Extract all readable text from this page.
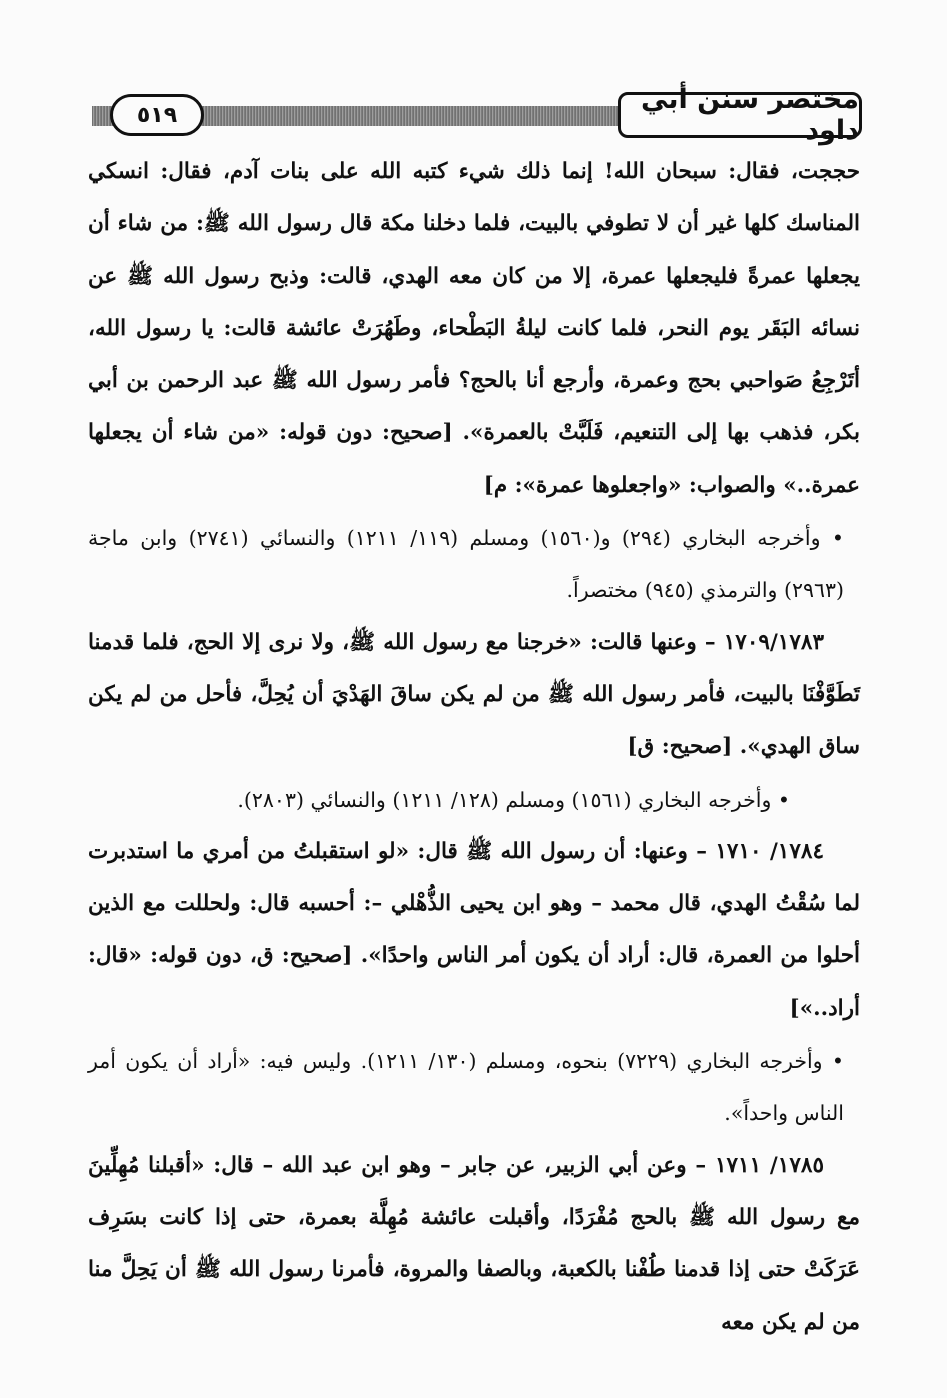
مختصر سنن أبي داود
٥١٩

حججت، فقال: سبحان الله! إنما ذلك شيء كتبه الله على بنات آدم، فقال: انسكي المناسك كلها غير أن لا تطوفي بالبيت، فلما دخلنا مكة قال رسول الله ﷺ: من شاء أن يجعلها عمرةً فليجعلها عمرة، إلا من كان معه الهدي، قالت: وذبح رسول الله ﷺ عن نسائه البَقَر يوم النحر، فلما كانت ليلةُ البَطْحاء، وطَهُرَتْ عائشة قالت: يا رسول الله، أتَرْجِعُ صَواحبي بحج وعمرة، وأرجع أنا بالحج؟ فأمر رسول الله ﷺ عبد الرحمن بن أبي بكر، فذهب بها إلى التنعيم، فَلَبَّتْ بالعمرة». [صحيح: دون قوله: «من شاء أن يجعلها عمرة..» والصواب: «واجعلوها عمرة»: م]

• وأخرجه البخاري (٢٩٤) و(١٥٦٠) ومسلم (١١٩/ ١٢١١) والنسائي (٢٧٤١) وابن ماجة (٢٩٦٣) والترمذي (٩٤٥) مختصراً.

١٧٠٩/١٧٨٣ – وعنها قالت: «خرجنا مع رسول الله ﷺ، ولا نرى إلا الحج، فلما قدمنا تَطَوَّفْنَا بالبيت، فأمر رسول الله ﷺ من لم يكن ساقَ الهَدْيَ أن يُحِلَّ، فأحل من لم يكن ساق الهدي». [صحيح: ق]

• وأخرجه البخاري (١٥٦١) ومسلم (١٢٨/ ١٢١١) والنسائي (٢٨٠٣).

١٧٨٤/ ١٧١٠ – وعنها: أن رسول الله ﷺ قال: «لو استقبلتُ من أمري ما استدبرت لما سُقْتُ الهدي، قال محمد – وهو ابن يحيى الذُّهْلي –: أحسبه قال: ولحللت مع الذين أحلوا من العمرة، قال: أراد أن يكون أمر الناس واحدًا». [صحيح: ق، دون قوله: «قال: أراد..»]

• وأخرجه البخاري (٧٢٢٩) بنحوه، ومسلم (١٣٠/ ١٢١١). وليس فيه: «أراد أن يكون أمر الناس واحداً».

١٧٨٥/ ١٧١١ – وعن أبي الزبير، عن جابر – وهو ابن عبد الله – قال: «أقبلنا مُهِلِّينَ مع رسول الله ﷺ بالحج مُفْرَدًا، وأقبلت عائشة مُهِلَّة بعمرة، حتى إذا كانت بسَرِف عَرَكَتْ حتى إذا قدمنا طُفْنا بالكعبة، وبالصفا والمروة، فأمرنا رسول الله ﷺ أن يَحِلَّ منا من لم يكن معه
